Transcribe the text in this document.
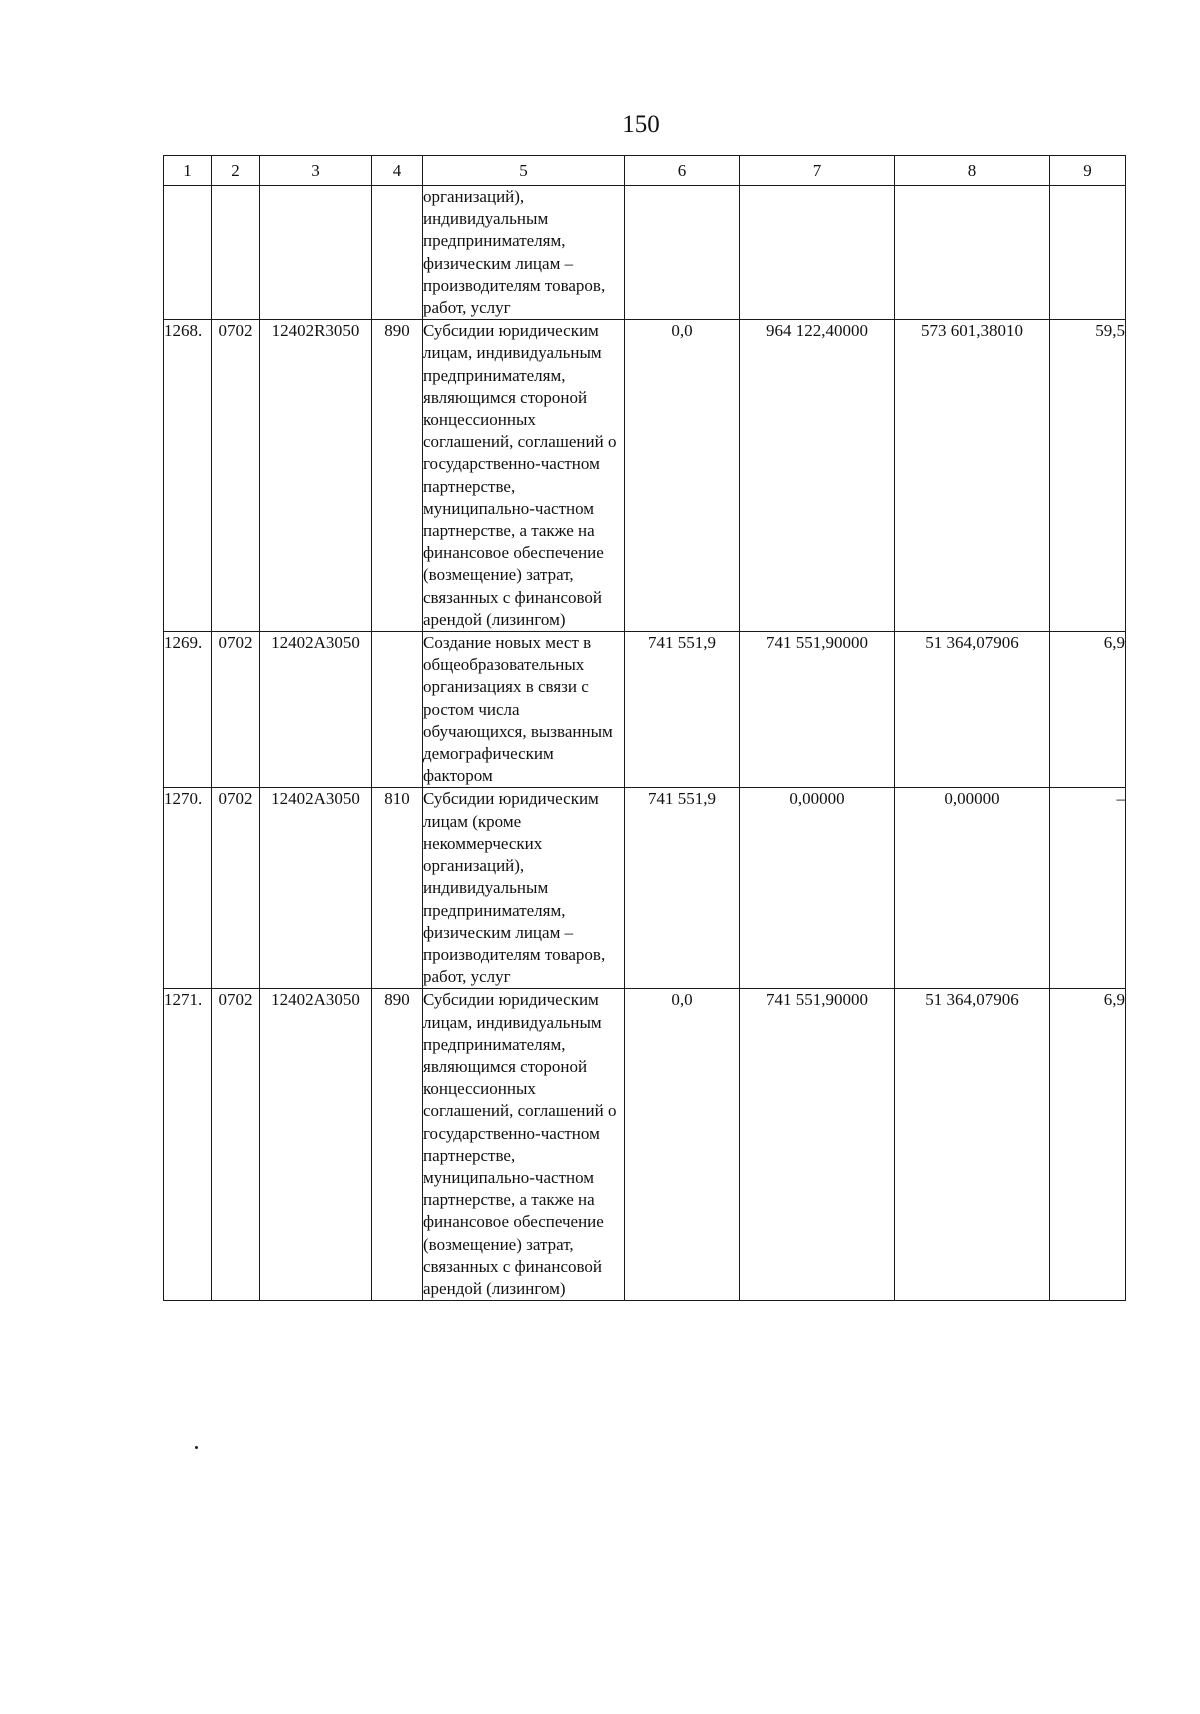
150
1	2	3	4	5	6	7	8	9
				организаций), индивидуальным предпринимателям, физическим лицам – производителям товаров, работ, услуг				
1268.	0702	12402R3050	890	Субсидии юридическим лицам, индивидуальным предпринимателям, являющимся стороной концессионных соглашений, соглашений о государственно-частном партнерстве, муниципально-частном партнерстве, а также на финансовое обеспечение (возмещение) затрат, связанных с финансовой арендой (лизингом)	0,0	964 122,40000	573 601,38010	59,5
1269.	0702	12402A3050		Создание новых мест в общеобразовательных организациях в связи с ростом числа обучающихся, вызванным демографическим фактором	741 551,9	741 551,90000	51 364,07906	6,9
1270.	0702	12402A3050	810	Субсидии юридическим лицам (кроме некоммерческих организаций), индивидуальным предпринимателям, физическим лицам – производителям товаров, работ, услуг	741 551,9	0,00000	0,00000	–
1271.	0702	12402A3050	890	Субсидии юридическим лицам, индивидуальным предпринимателям, являющимся стороной концессионных соглашений, соглашений о государственно-частном партнерстве, муниципально-частном партнерстве, а также на финансовое обеспечение (возмещение) затрат, связанных с финансовой арендой (лизингом)	0,0	741 551,90000	51 364,07906	6,9
